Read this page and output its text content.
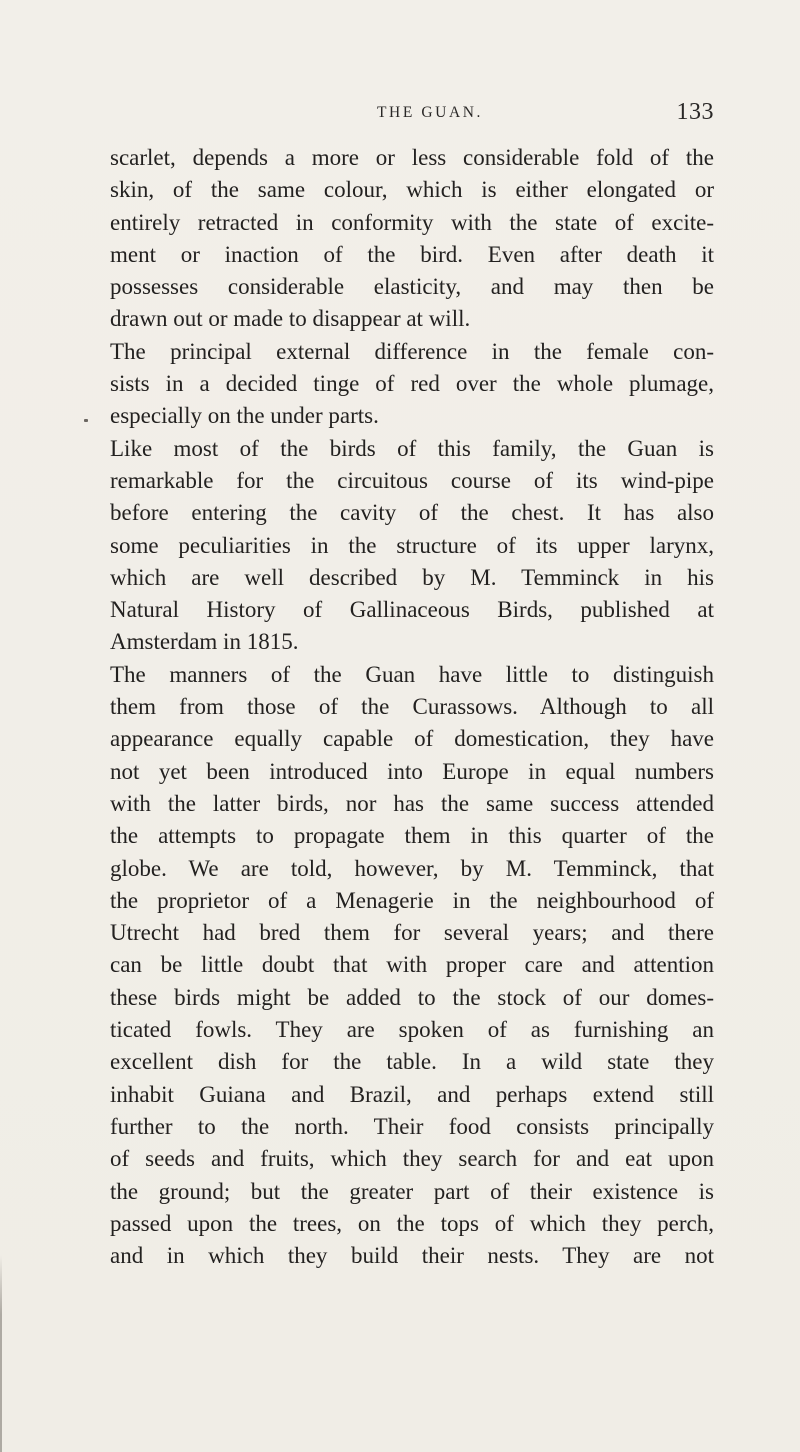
THE GUAN.	133
scarlet, depends a more or less considerable fold of the
skin, of the same colour, which is either elongated or
entirely retracted in conformity with the state of excite-
ment or inaction of the bird. Even after death it
possesses considerable elasticity, and may then be
drawn out or made to disappear at will.
The principal external difference in the female con-
sists in a decided tinge of red over the whole plumage,
especially on the under parts.
Like most of the birds of this family, the Guan is
remarkable for the circuitous course of its wind-pipe
before entering the cavity of the chest. It has also
some peculiarities in the structure of its upper larynx,
which are well described by M. Temminck in his
Natural History of Gallinaceous Birds, published at
Amsterdam in 1815.
The manners of the Guan have little to distinguish
them from those of the Curassows. Although to all
appearance equally capable of domestication, they have
not yet been introduced into Europe in equal numbers
with the latter birds, nor has the same success attended
the attempts to propagate them in this quarter of the
globe. We are told, however, by M. Temminck, that
the proprietor of a Menagerie in the neighbourhood of
Utrecht had bred them for several years; and there
can be little doubt that with proper care and attention
these birds might be added to the stock of our domes-
ticated fowls. They are spoken of as furnishing an
excellent dish for the table. In a wild state they
inhabit Guiana and Brazil, and perhaps extend still
further to the north. Their food consists principally
of seeds and fruits, which they search for and eat upon
the ground; but the greater part of their existence is
passed upon the trees, on the tops of which they perch,
and in which they build their nests. They are not
